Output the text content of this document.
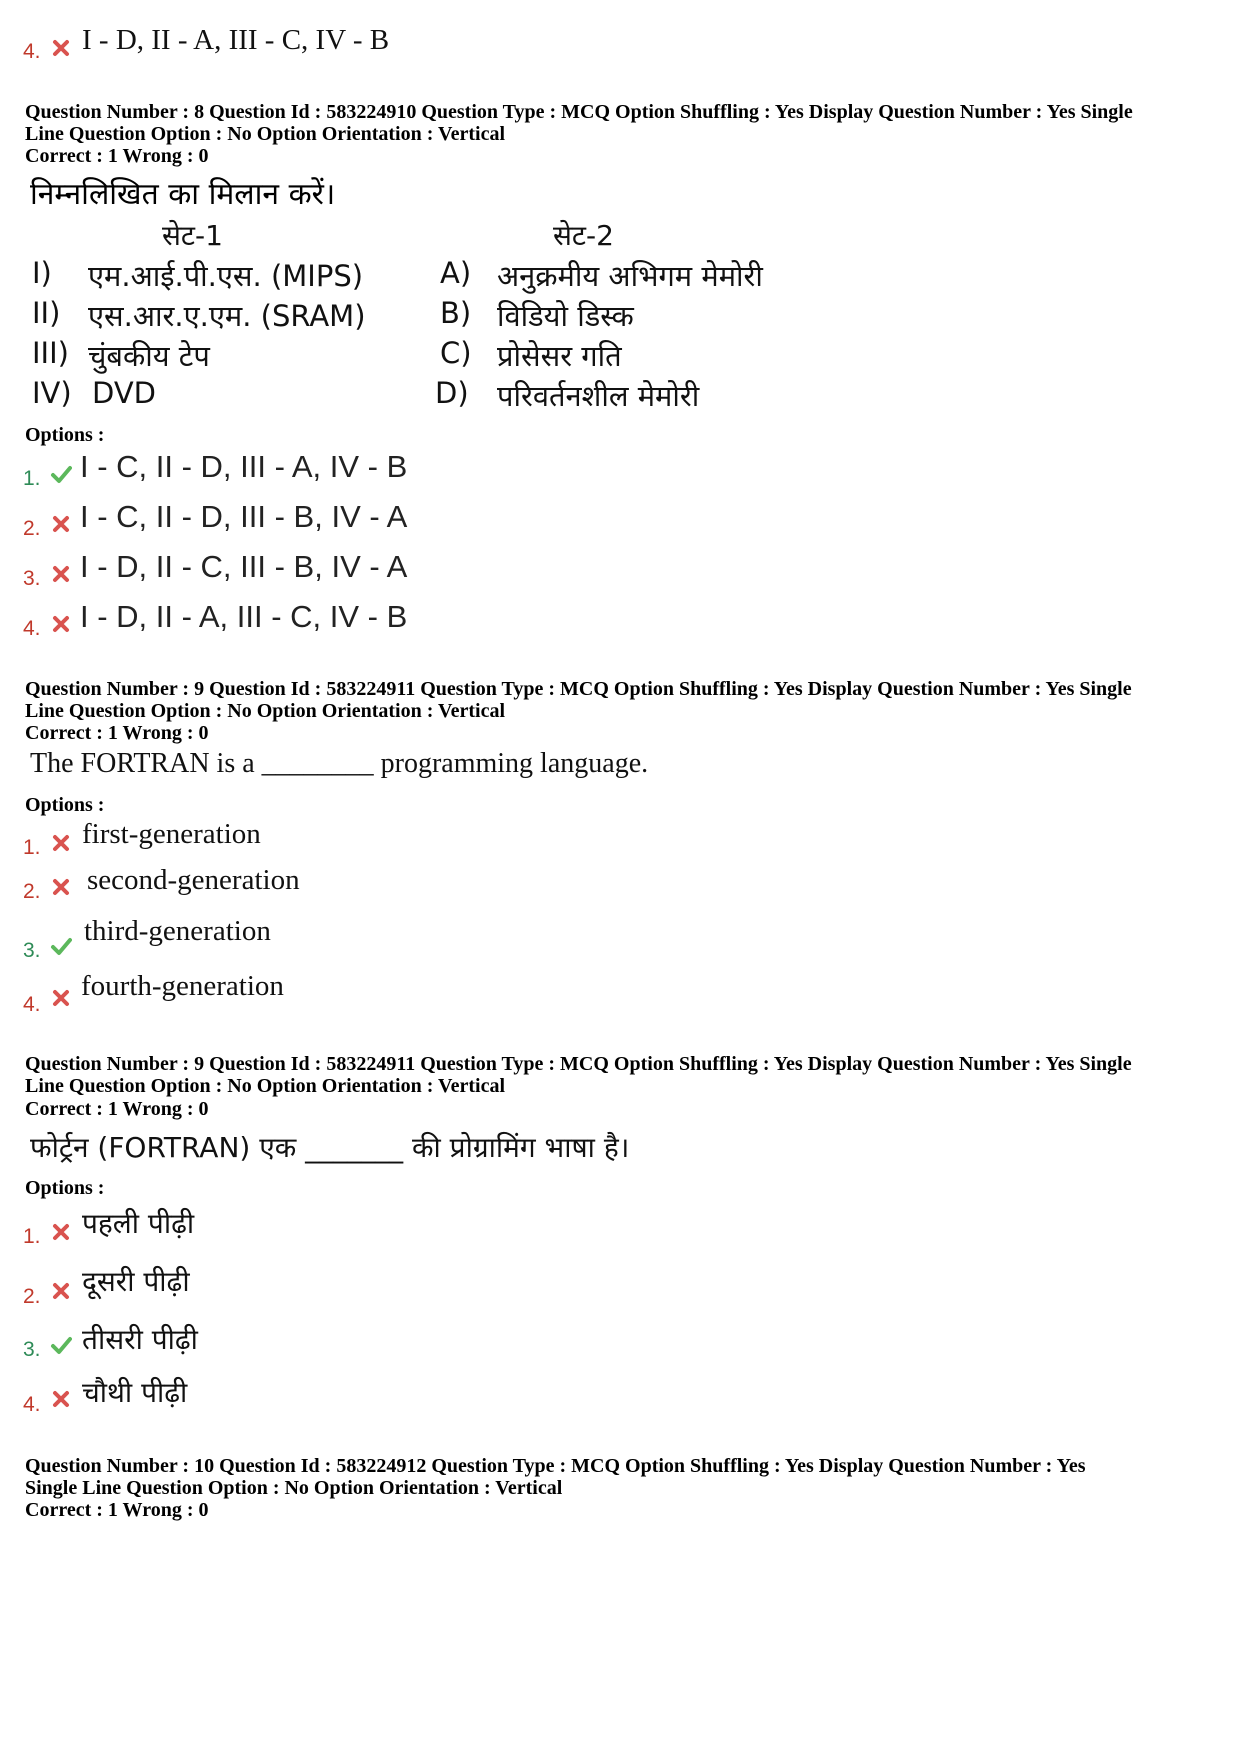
4. I - D, II - A, III - C, IV - B
Question Number : 8 Question Id : 583224910 Question Type : MCQ Option Shuffling : Yes Display Question Number : Yes Single
Line Question Option : No Option Orientation : Vertical
Correct : 1 Wrong : 0
निम्नलिखित का मिलान करें।
सेट-1	सेट-2
I) एम.आई.पी.एस. (MIPS)	A) अनुक्रमीय अभिगम मेमोरी
II) एस.आर.ए.एम. (SRAM)	B) विडियो डिस्क
III) चुंबकीय टेप	C) प्रोसेसर गति
IV) DVD	D) परिवर्तनशील मेमोरी
Options :
1. I - C, II - D, III - A, IV - B
2. I - C, II - D, III - B, IV - A
3. I - D, II - C, III - B, IV - A
4. I - D, II - A, III - C, IV - B
Question Number : 9 Question Id : 583224911 Question Type : MCQ Option Shuffling : Yes Display Question Number : Yes Single
Line Question Option : No Option Orientation : Vertical
Correct : 1 Wrong : 0
The FORTRAN is a ________ programming language.
Options :
1. first-generation
2. second-generation
3.
third-generation
4.
fourth-generation
Question Number : 9 Question Id : 583224911 Question Type : MCQ Option Shuffling : Yes Display Question Number : Yes Single
Line Question Option : No Option Orientation : Vertical
Correct : 1 Wrong : 0
फोर्ट्रन (FORTRAN) एक _______ की प्रोग्रामिंग भाषा है।
Options :
1. पहली पीढ़ी
2. दूसरी पीढ़ी
3. तीसरी पीढ़ी
4. चौथी पीढ़ी
Question Number : 10 Question Id : 583224912 Question Type : MCQ Option Shuffling : Yes Display Question Number : Yes
Single Line Question Option : No Option Orientation : Vertical
Correct : 1 Wrong : 0
